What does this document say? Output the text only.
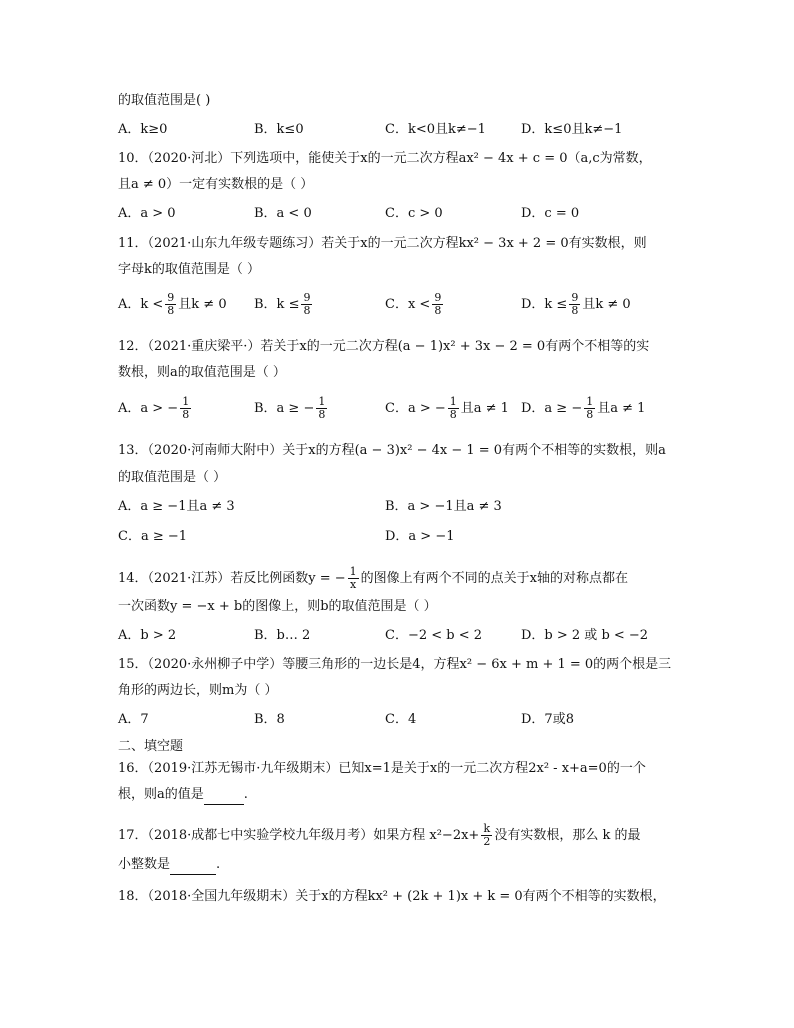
的取值范围是( )
A．k≥0	B．k≤0	C．k<0且k≠−1	D．k≤0且k≠−1
10．（2020·河北）下列选项中，能使关于x的一元二次方程ax² − 4x + c = 0（a,c为常数，
且a ≠ 0）一定有实数根的是（ ）
A．a > 0	B．a < 0	C．c > 0	D．c = 0
11．（2021·山东九年级专题练习）若关于x的一元二次方程kx² − 3x + 2 = 0有实数根，则
字母k的取值范围是（ ）
A．$k < \frac{9}{8}$ 且k ≠ 0 B．$k \le \frac{9}{8}$	C．$x < \frac{9}{8}$	D．$k \le \frac{9}{8}$ 且k ≠ 0
12．（2021·重庆梁平·）若关于x的一元二次方程(a − 1)x² + 3x − 2 = 0有两个不相等的实
数根，则a的取值范围是（ ）
A．a > − $\frac{1}{8}$	B．a ≥ − $\frac{1}{8}$	C．a > − $\frac{1}{8}$ 且a ≠ 1 D．a ≥ − $\frac{1}{8}$ 且a ≠ 1
13．（2020·河南师大附中）关于x的方程(a − 3)x² − 4x − 1 = 0有两个不相等的实数根，则a
的取值范围是（ ）
A．a ≥ −1且a ≠ 3	B．a > −1且a ≠ 3
C．a ≥ −1	D．a > −1
14．（2021·江苏）若反比例函数y = − $\frac{1}{x}$ 的图像上有两个不同的点关于x轴的对称点都在
一次函数y = −x + b的图像上，则b的取值范围是（ ）
A．b > 2	B．b… 2	C．−2 < b < 2	D．b > 2 或 b < −2
15．（2020·永州柳子中学）等腰三角形的一边长是4，方程x² − 6x + m + 1 = 0的两个根是三
角形的两边长，则m为（ ）
A．7	B．8	C．4	D．7或8
二、填空题
16．（2019·江苏无锡市·九年级期末）已知x=1是关于x的一元二次方程2x² - x+a=0的一个
根，则a的值是	.
17．（2018·成都七中实验学校九年级月考）如果方程 $x^2-2x+ \frac{k}{2}$ 没有实数根，那么 k 的最
小整数是	.
18．（2018·全国九年级期末）关于x的方程kx² + (2k + 1)x + k = 0有两个不相等的实数根，
